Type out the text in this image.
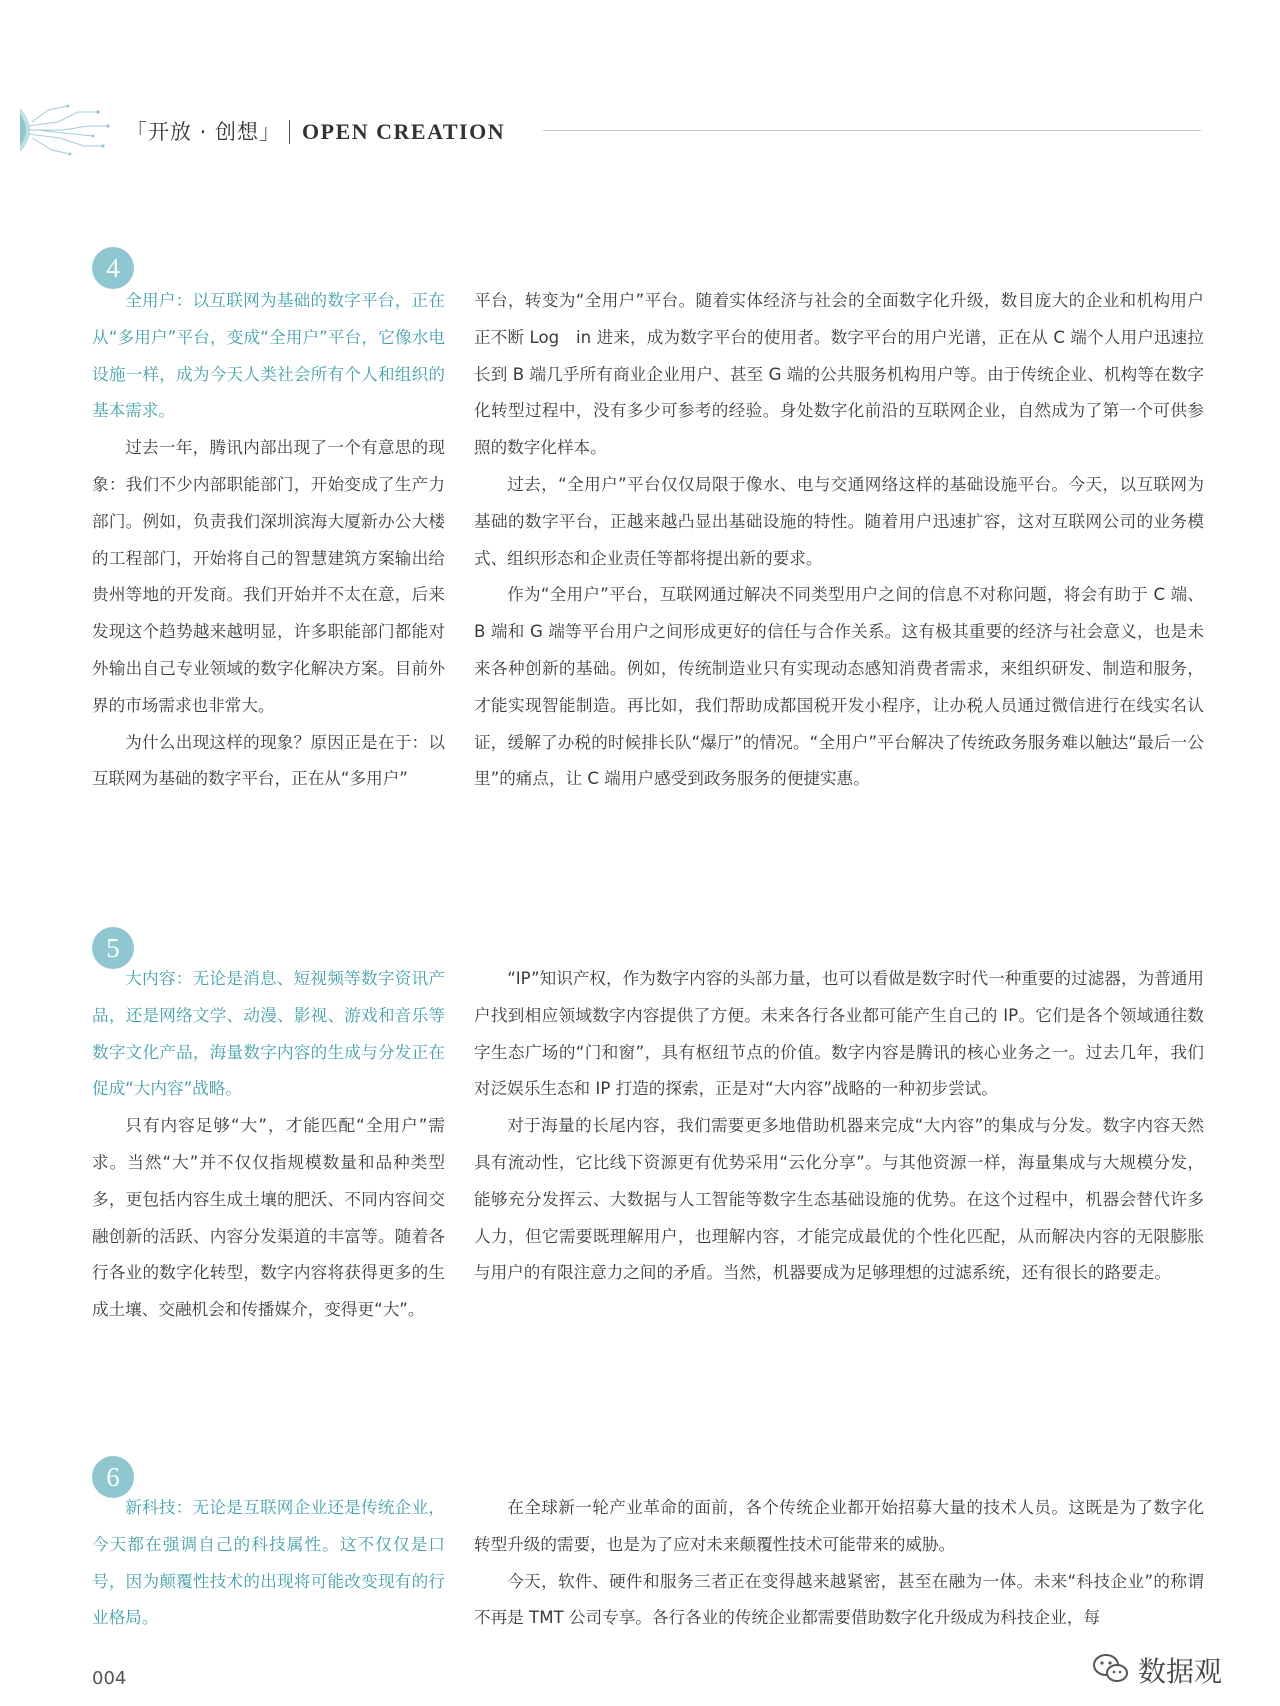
「开放 · 创想」 OPEN CREATION
4

全用户：以互联网为基础的数字平台，正在从“多用户”平台，变成“全用户”平台，它像水电设施一样，成为今天人类社会所有个人和组织的基本需求。

过去一年，腾讯内部出现了一个有意思的现象：我们不少内部职能部门，开始变成了生产力部门。例如，负责我们深圳滨海大厦新办公大楼的工程部门，开始将自己的智慧建筑方案输出给贵州等地的开发商。我们开始并不太在意，后来发现这个趋势越来越明显，许多职能部门都能对外输出自己专业领域的数字化解决方案。目前外界的市场需求也非常大。

为什么出现这样的现象？原因正是在于：以互联网为基础的数字平台，正在从“多用户”

平台，转变为“全用户”平台。随着实体经济与社会的全面数字化升级，数目庞大的企业和机构用户正不断 Log　in 进来，成为数字平台的使用者。数字平台的用户光谱，正在从 C 端个人用户迅速拉长到 B 端几乎所有商业企业用户、甚至 G 端的公共服务机构用户等。由于传统企业、机构等在数字化转型过程中，没有多少可参考的经验。身处数字化前沿的互联网企业，自然成为了第一个可供参照的数字化样本。

过去，“全用户”平台仅仅局限于像水、电与交通网络这样的基础设施平台。今天，以互联网为基础的数字平台，正越来越凸显出基础设施的特性。随着用户迅速扩容，这对互联网公司的业务模式、组织形态和企业责任等都将提出新的要求。

作为“全用户”平台，互联网通过解决不同类型用户之间的信息不对称问题，将会有助于 C 端、B 端和 G 端等平台用户之间形成更好的信任与合作关系。这有极其重要的经济与社会意义，也是未来各种创新的基础。例如，传统制造业只有实现动态感知消费者需求，来组织研发、制造和服务，才能实现智能制造。再比如，我们帮助成都国税开发小程序，让办税人员通过微信进行在线实名认证，缓解了办税的时候排长队“爆厅”的情况。“全用户”平台解决了传统政务服务难以触达“最后一公里”的痛点，让 C 端用户感受到政务服务的便捷实惠。

5

大内容：无论是消息、短视频等数字资讯产品，还是网络文学、动漫、影视、游戏和音乐等数字文化产品，海量数字内容的生成与分发正在促成“大内容”战略。

只有内容足够“大”，才能匹配“全用户”需求。当然“大”并不仅仅指规模数量和品种类型多，更包括内容生成土壤的肥沃、不同内容间交融创新的活跃、内容分发渠道的丰富等。随着各行各业的数字化转型，数字内容将获得更多的生成土壤、交融机会和传播媒介，变得更“大”。

“IP”知识产权，作为数字内容的头部力量，也可以看做是数字时代一种重要的过滤器，为普通用户找到相应领域数字内容提供了方便。未来各行各业都可能产生自己的 IP。它们是各个领域通往数字生态广场的“门和窗”，具有枢纽节点的价值。数字内容是腾讯的核心业务之一。过去几年，我们对泛娱乐生态和 IP 打造的探索，正是对“大内容”战略的一种初步尝试。

对于海量的长尾内容，我们需要更多地借助机器来完成“大内容”的集成与分发。数字内容天然具有流动性，它比线下资源更有优势采用“云化分享”。与其他资源一样，海量集成与大规模分发，能够充分发挥云、大数据与人工智能等数字生态基础设施的优势。在这个过程中，机器会替代许多人力，但它需要既理解用户，也理解内容，才能完成最优的个性化匹配，从而解决内容的无限膨胀与用户的有限注意力之间的矛盾。当然，机器要成为足够理想的过滤系统，还有很长的路要走。

6

新科技：无论是互联网企业还是传统企业，今天都在强调自己的科技属性。这不仅仅是口号，因为颠覆性技术的出现将可能改变现有的行业格局。

在全球新一轮产业革命的面前，各个传统企业都开始招募大量的技术人员。这既是为了数字化转型升级的需要，也是为了应对未来颠覆性技术可能带来的威胁。

今天，软件、硬件和服务三者正在变得越来越紧密，甚至在融为一体。未来“科技企业”的称谓不再是 TMT 公司专享。各行各业的传统企业都需要借助数字化升级成为科技企业，每

004	数据观
